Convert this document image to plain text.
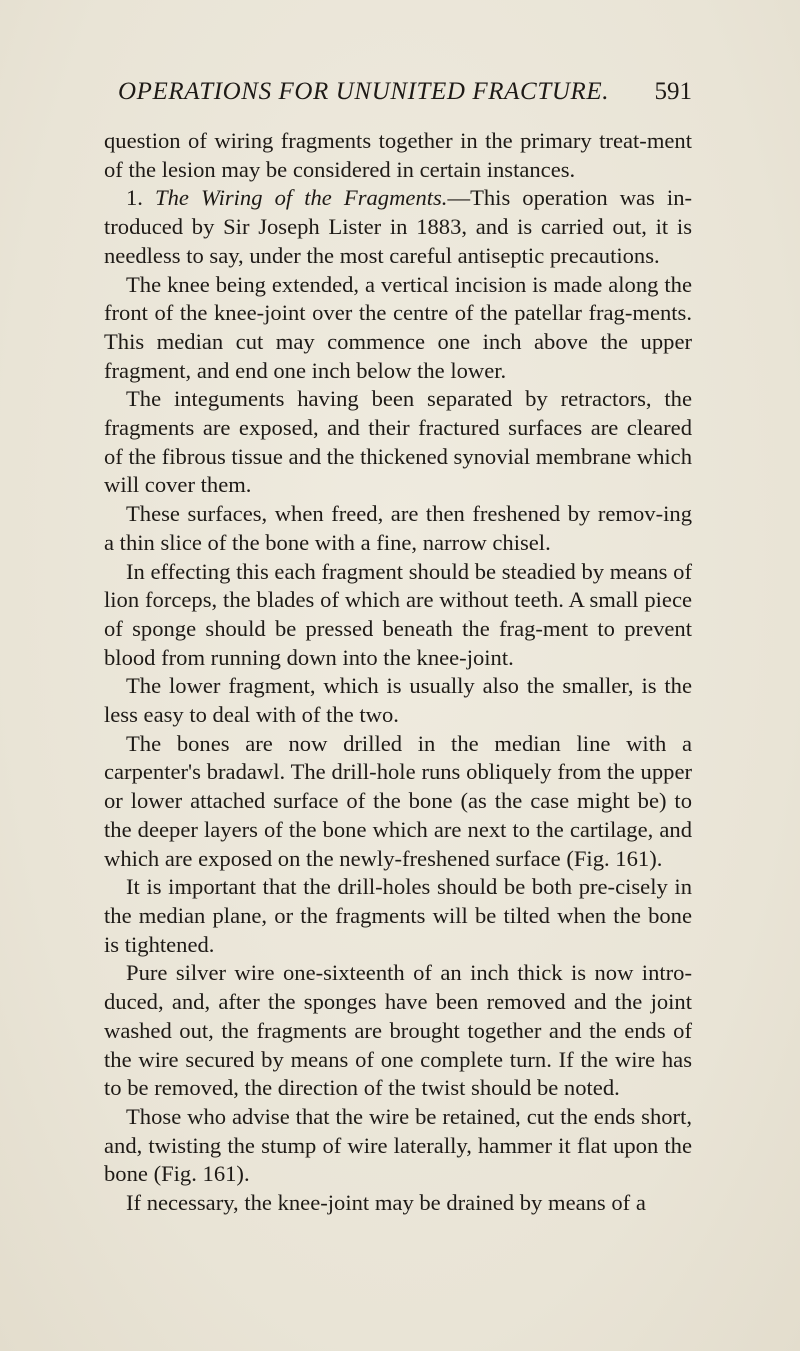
OPERATIONS FOR UNUNITED FRACTURE. 591

question of wiring fragments together in the primary treat-ment of the lesion may be considered in certain instances.

1. The Wiring of the Fragments.—This operation was in-troduced by Sir Joseph Lister in 1883, and is carried out, it is needless to say, under the most careful antiseptic precautions.

The knee being extended, a vertical incision is made along the front of the knee-joint over the centre of the patellar frag-ments. This median cut may commence one inch above the upper fragment, and end one inch below the lower.

The integuments having been separated by retractors, the fragments are exposed, and their fractured surfaces are cleared of the fibrous tissue and the thickened synovial membrane which will cover them.

These surfaces, when freed, are then freshened by remov-ing a thin slice of the bone with a fine, narrow chisel.

In effecting this each fragment should be steadied by means of lion forceps, the blades of which are without teeth. A small piece of sponge should be pressed beneath the frag-ment to prevent blood from running down into the knee-joint.

The lower fragment, which is usually also the smaller, is the less easy to deal with of the two.

The bones are now drilled in the median line with a carpenter's bradawl. The drill-hole runs obliquely from the upper or lower attached surface of the bone (as the case might be) to the deeper layers of the bone which are next to the cartilage, and which are exposed on the newly-freshened surface (Fig. 161).

It is important that the drill-holes should be both pre-cisely in the median plane, or the fragments will be tilted when the bone is tightened.

Pure silver wire one-sixteenth of an inch thick is now intro-duced, and, after the sponges have been removed and the joint washed out, the fragments are brought together and the ends of the wire secured by means of one complete turn. If the wire has to be removed, the direction of the twist should be noted.

Those who advise that the wire be retained, cut the ends short, and, twisting the stump of wire laterally, hammer it flat upon the bone (Fig. 161).

If necessary, the knee-joint may be drained by means of a
